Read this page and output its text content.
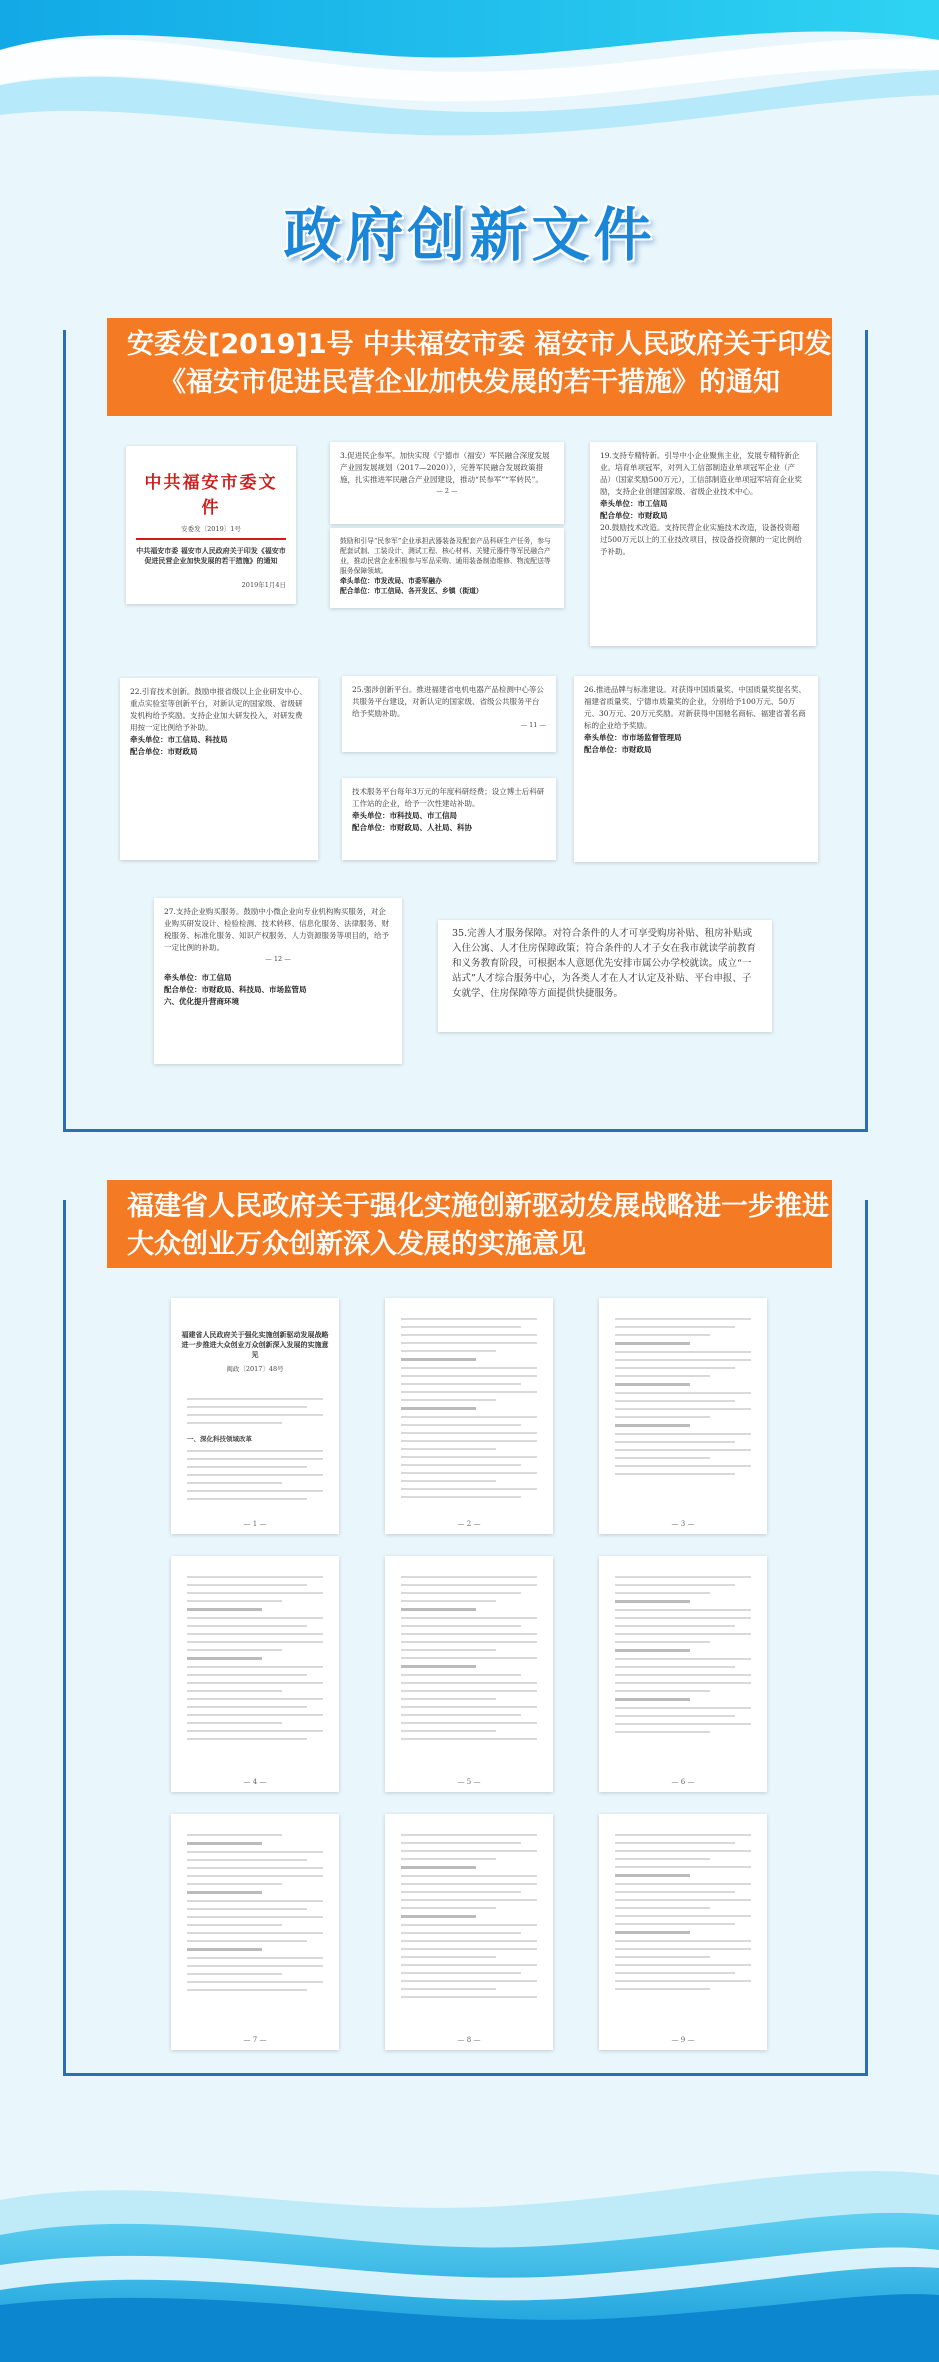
政府创新文件
安委发[2019]1号 中共福安市委 福安市人民政府关于印发
《福安市促进民营企业加快发展的若干措施》的通知
中共福安市委文件
安委发〔2019〕1号
中共福安市委 福安市人民政府关于印发《福安市促进民营企业加快发展的若干措施》的通知
2019年1月4日
3.促进民企参军。加快实现《宁德市（福安）军民融合深度发展产业园发展规划（2017—2020）》，完善军民融合发展政策措施，扎实推进军民融合产业园建设，推动“民参军”“军转民”。
— 2 —
鼓励和引导“民参军”企业承担武器装备及配套产品科研生产任务，参与配套试制、工装设计、测试工程、核心材料、关键元器件等军民融合产业，推动民营企业积极参与军品采购、通用装备制造维修、物流配送等服务保障领域。
牵头单位：市发改局、市委军融办
配合单位：市工信局、各开发区、乡镇（街道）
19.支持专精特新。引导中小企业聚焦主业，发展专精特新企业。培育单项冠军，对列入工信部制造业单项冠军企业（产品）（国家奖励500万元），工信部制造业单项冠军培育企业奖励，支持企业创建国家级、省级企业技术中心。
牵头单位：市工信局
配合单位：市财政局
20.鼓励技术改造。支持民营企业实施技术改造，设备投资超过500万元以上的工业技改项目，按设备投资额的一定比例给予补助。
22.引育技术创新。鼓励申报省级以上企业研发中心、重点实验室等创新平台，对新认定的国家级、省级研发机构给予奖励。支持企业加大研发投入，对研发费用按一定比例给予补助。
牵头单位：市工信局、科技局
配合单位：市财政局
25.强涉创新平台。推进福建省电机电器产品检测中心等公共服务平台建设，对新认定的国家级、省级公共服务平台给予奖励补助。
— 11 —
技术服务平台每年3万元的年度科研经费；设立博士后科研工作站的企业，给予一次性建站补助。
牵头单位：市科技局、市工信局
配合单位：市财政局、人社局、科协
26.推进品牌与标准建设。对获得中国质量奖、中国质量奖提名奖、福建省质量奖、宁德市质量奖的企业，分别给予100万元、50万元、30万元、20万元奖励。对新获得中国驰名商标、福建省著名商标的企业给予奖励。
牵头单位：市市场监督管理局
配合单位：市财政局
27.支持企业购买服务。鼓励中小微企业向专业机构购买服务，对企业购买研发设计、检验检测、技术转移、信息化服务、法律服务、财税服务、标准化服务、知识产权服务、人力资源服务等项目的，给予一定比例的补助。
— 12 —
牵头单位：市工信局
配合单位：市财政局、科技局、市场监管局
六、优化提升营商环境
35.完善人才服务保障。对符合条件的人才可享受购房补贴、租房补贴或入住公寓、人才住房保障政策；符合条件的人才子女在我市就读学前教育和义务教育阶段，可根据本人意愿优先安排市属公办学校就读。成立“一站式”人才综合服务中心，为各类人才在人才认定及补贴、平台申报、子女就学、住房保障等方面提供快捷服务。
福建省人民政府关于强化实施创新驱动发展战略进一步推进
大众创业万众创新深入发展的实施意见
福建省人民政府关于强化实施创新驱动发展战略进一步推进大众创业万众创新深入发展的实施意见
闽政〔2017〕48号
一、深化科技领域改革
— 1 —	— 2 —	— 3 —
— 4 —	— 5 —	— 6 —
— 7 —	— 8 —	— 9 —
